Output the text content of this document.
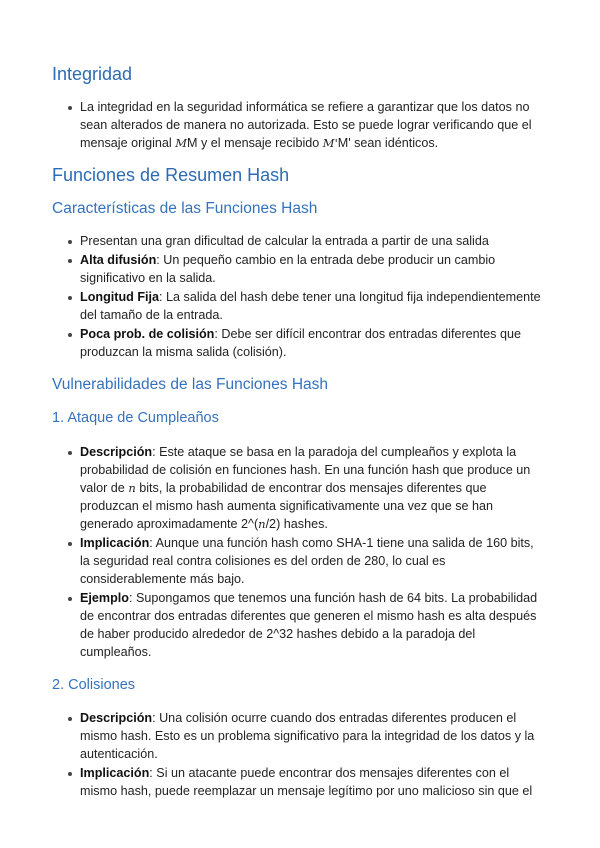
Integridad
La integridad en la seguridad informática se refiere a garantizar que los datos no sean alterados de manera no autorizada. Esto se puede lograr verificando que el mensaje original MM y el mensaje recibido M'M' sean idénticos.
Funciones de Resumen Hash
Características de las Funciones Hash
Presentan una gran dificultad de calcular la entrada a partir de una salida
Alta difusión: Un pequeño cambio en la entrada debe producir un cambio significativo en la salida.
Longitud Fija: La salida del hash debe tener una longitud fija independientemente del tamaño de la entrada.
Poca prob. de colisión: Debe ser difícil encontrar dos entradas diferentes que produzcan la misma salida (colisión).
Vulnerabilidades de las Funciones Hash
1. Ataque de Cumpleaños
Descripción: Este ataque se basa en la paradoja del cumpleaños y explota la probabilidad de colisión en funciones hash. En una función hash que produce un valor de n bits, la probabilidad de encontrar dos mensajes diferentes que produzcan el mismo hash aumenta significativamente una vez que se han generado aproximadamente 2^(n/2) hashes.
Implicación: Aunque una función hash como SHA-1 tiene una salida de 160 bits, la seguridad real contra colisiones es del orden de 280, lo cual es considerablemente más bajo.
Ejemplo: Supongamos que tenemos una función hash de 64 bits. La probabilidad de encontrar dos entradas diferentes que generen el mismo hash es alta después de haber producido alrededor de 2^32 hashes debido a la paradoja del cumpleaños.
2. Colisiones
Descripción: Una colisión ocurre cuando dos entradas diferentes producen el mismo hash. Esto es un problema significativo para la integridad de los datos y la autenticación.
Implicación: Si un atacante puede encontrar dos mensajes diferentes con el mismo hash, puede reemplazar un mensaje legítimo por uno malicioso sin que el
